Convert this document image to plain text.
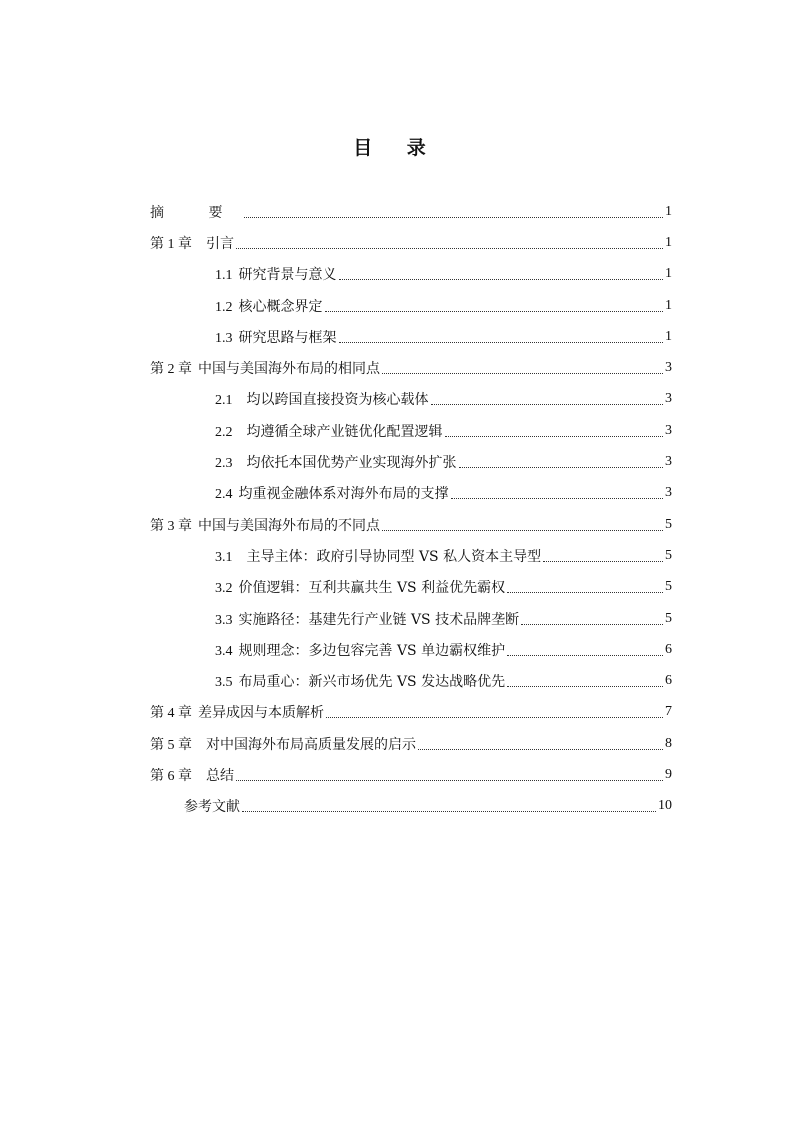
目 录
摘 要	1
第 1 章 引言	1
1.1 研究背景与意义	1
1.2 核心概念界定	1
1.3 研究思路与框架	1
第 2 章 中国与美国海外布局的相同点	3
2.1 均以跨国直接投资为核心载体	3
2.2 均遵循全球产业链优化配置逻辑	3
2.3 均依托本国优势产业实现海外扩张	3
2.4 均重视金融体系对海外布局的支撑	3
第 3 章 中国与美国海外布局的不同点	5
3.1 主导主体：政府引导协同型 VS 私人资本主导型	5
3.2 价值逻辑：互利共赢共生 VS 利益优先霸权	5
3.3 实施路径：基建先行产业链 VS 技术品牌垄断	5
3.4 规则理念：多边包容完善 VS 单边霸权维护	6
3.5 布局重心：新兴市场优先 VS 发达战略优先	6
第 4 章 差异成因与本质解析	7
第 5 章 对中国海外布局高质量发展的启示	8
第 6 章 总结	9
参考文献	10
